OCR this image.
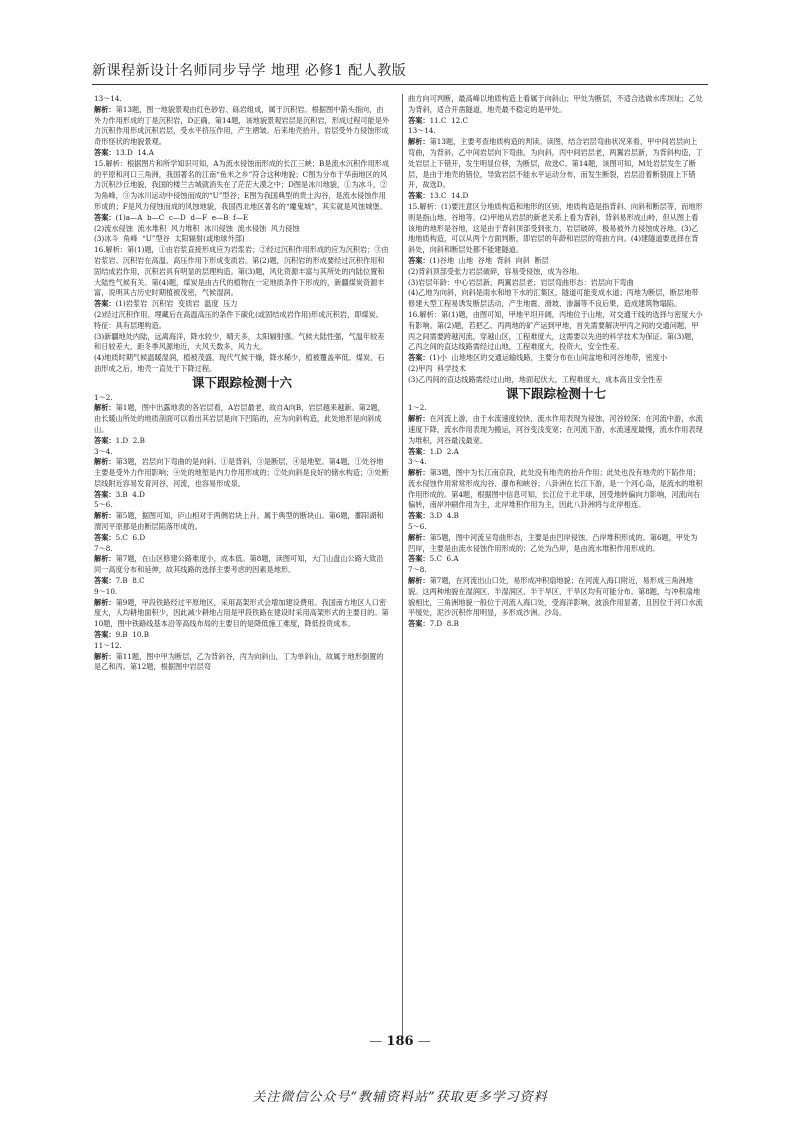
新课程新设计名师同步导学 地理 必修1 配人教版
13～14.
解析：第13题，图一地貌景观由红色砂岩、砾岩组成，属于沉积岩。根据图中箭头指向，由外力作用形成的丁是沉积岩，D正确。第14题，该地貌景观岩层是沉积岩，形成过程可能是外力沉积作用形成沉积岩层，受水平挤压作用，产生褶皱。后来地壳抬升，岩层受外力侵蚀形成奇形怪状的地貌景观。
答案：13.D  14.A
15.解析：根据图片和所学知识可知，A为流水侵蚀而形成的长江三峡；B是流水沉积作用形成的平原和河口三角洲，我国著名的江南“鱼米之乡”符合这种地貌；C图为分布于华南地区的风力沉积沙丘地貌，我国的楼兰古城就消失在了茫茫大漠之中；D图是冰川地貌，①为冰斗，②为角峰，③为冰川运动中侵蚀而成的“U”型谷；E图为我国典型的贵土沟谷，是流水侵蚀作用形成的；F是风力侵蚀而成的风蚀地貌，我国西北地区著名的“魔鬼城”，其实就是风蚀城堡。
答案：(1)a—A  b—C  c—D  d—F  e—B  f—E
(2)流水侵蚀  流水堆积  风力堆积  冰川侵蚀  流水侵蚀  风力侵蚀
(3)冰斗  角峰  “U”型谷  太阳辐射(或地球外部)
16.解析：第(1)题，①由岩浆直接形成应为岩浆岩；②经过沉积作用形成的应为沉积岩；③由岩浆岩、沉积岩在高温、高压作用下形成变质岩。第(2)题，沉积岩的形成要经过沉积作用和固结成岩作用，沉积岩具有明显的层理构造。第(3)题，风化资源丰富与其所处的内陆位置和大陆性气候有关。第(4)题，煤炭是由古代的植物在一定地质条件下形成的，新疆煤炭资源丰富，说明其古历史时期植被茂密，气候湿润。
答案：(1)岩浆岩  沉积岩  变质岩  温度  压力
(2)经过沉积作用、埋藏后在高温高压的条件下碳化(或固结成岩作用)形成沉积岩，即煤炭。特征：具有层理构造。
(3)新疆地处内陆，远离海洋，降水较少，晴天多，太阳辐射强。气候大陆性强，气温年较差和日较差大，距冬季风源地近，大风天数多，风力大。
(4)地质时期气候温暖湿润，植被茂盛，现代气候干燥，降水稀少，植被覆盖率低。煤炭、石油形成之后，地壳一直处于下降过程。
课下跟踪检测十六
1～2.
解析：第1题，图中出露地表的各岩层看，A岩层最老，故自A向B，岩层越来越新。第2题，由长暖山所处的地质剖面可以看出其岩层是向下凹陷的，应为向斜构造，此处地形是向斜成山。
答案：1.D  2.B
3～4.
解析：第3题，岩层向下弯曲的是向斜。①是背斜，③是断层，④是地堑。第4题，①处谷地主要是受外力作用影响；④处的地堑是内力作用形成的；②处向斜是良好的储水构造；③处断层线附近容易发育河谷，河流，也容易形成泉。
答案：3.B  4.D
5～6.
解析：第5题，据图可知，庐山相对于两侧岩块上升，属于典型的断块山。第6题，鄱阳湖和渭河平原都是由断层陷落形成的。
答案：5.C  6.D
7～8.
解析：第7题，在山区修建公路难度小，成本低。第8题，读图可知，大门山盘山公路大致沿同一高度分布和延伸，故其线路的选择主要考虑的因素是地形。
答案：7.B  8.C
9～10.
解析：第9题，甲段铁路经过平原地区，采用高架形式会增加建设费用。我国南方地区人口密度大，人均耕地面积少，因此减少耕地占用是甲段铁路在建设时采用高架形式的主要目的。第10题，图中铁路线基本沿等高线布局的主要目的是降低施工难度，降低投资成本。
答案：9.B  10.B
11～12.
解析：第11题，图中甲为断层，乙为背斜谷，丙为向斜山，丁为单斜山，故属于地形倒置的是乙和丙。第12题，根据图中岩层弯
曲方向可判断，最高峰以地质构造上看属于向斜山；甲处为断层，不适合选做水库坝址；乙处为背斜，适合开凿隧道，地壳最不稳定的是甲处。
答案：11.C  12.C
13～14.
解析：第13题，主要考查地质构造的判读。读图，结合岩层弯曲状况来看，甲中间岩层向上弯曲，为背斜，乙中间岩层向下弯曲，为向斜，丙中间岩层老，两翼岩层新，为背斜构造，丁处岩层上下错开，发生明显位移，为断层，故选C。第14题，该图可知，M处岩层发生了断层，是由于地壳的错位，导致岩层不能水平运动分布，而发生断裂，岩层沿着断裂面上下错开，故选D。
答案：13.C  14.D
15.解析：(1)要注意区分地质构造和地形的区别，地质构造是指背斜、向斜和断层等，而地形则是指山地、谷地等。(2)甲地从岩层的新老关系上看为背斜，背斜易形成山岭，但从图上看该地的地形是谷地，这是由于背斜顶部受到张力，岩层破碎，极易被外力侵蚀成谷地。(3)乙地地质构造，可以从两个方面判断，即岩层的年龄和岩层的弯曲方向。(4)建隧道要选择在背斜处，向斜和断层处都不能建隧道。
答案：(1)谷地  山地  谷地  背斜  向斜  断层
(2)背斜顶部受张力岩层破碎，容易受侵蚀，成为谷地。
(3)岩层年龄：中心岩层新，两翼岩层老；岩层弯曲形态：岩层向下弯曲
(4)乙地为向斜，向斜是雨水和地下水的汇集区，隧道可能变成水道；丙地为断层，断层地带修建大型工程易诱发断层活动，产生地震、滑坡、渗漏等不良后果，造成建筑物塌陷。
16.解析：第(1)题，由图可知，甲地平坦开阔，丙地位于山地，对交通干线的选择与密度大小有影响。第(2)题，若把乙、丙两地的矿产运到甲地，首先需要解决甲丙之间的交通问题，甲丙之间需要跨越河流，穿越山区，工程难度大，这需要以先进的科学技术为保证。第(3)题，乙丙之间的直达线路需经过山地，工程难度大，投资大，安全性差。
答案：(1)小  山地地区的交通运输线路，主要分布在山间盆地和河谷地带，密度小
(2)甲丙  科学技术
(3)乙丙间的直达线路需经过山地，地面起伏大，工程难度大，成本高且安全性差
课下跟踪检测十七
1～2.
解析：在河流上游，由于水流速度较快，流水作用表现为侵蚀，河谷较深；在河流中游，水流速度下降，流水作用表现为搬运，河谷变浅变宽；在河流下游，水流速度最慢，流水作用表现为堆积，河谷最浅最宽。
答案：1.D  2.A
3～4.
解析：第3题，图中为长江南京段，此处没有地壳的抬升作用；此处也没有地壳的下陷作用；流水侵蚀作用常常形成沟谷、瀑布和峡谷；八卦洲在长江下游，是一个河心岛，是流水的堆积作用形成的。第4题，根据图中信息可知，长江位于北半球，因受地转偏向力影响，河流向右偏转，南岸冲刷作用为主，北岸堆积作用为主，因此八卦洲将与北岸相连。
答案：3.D  4.B
5～6.
解析：第5题，图中河流呈弯曲形态，主要是由凹岸侵蚀、凸岸堆积形成的。第6题，甲处为凹岸，主要是由流水侵蚀作用形成的；乙处为凸岸，是由流水堆积作用形成的。
答案：5.C  6.A
7～8.
解析：第7题，在河流出山口处，易形成冲积扇地貌；在河流入海口附近，易形成三角洲地貌。这两种地貌在湿润区、半湿润区、半干旱区、干旱区均有可能分布。第8题，与冲积扇地貌相比，三角洲地貌一般位于河流入海口处，受海洋影响，波浪作用显著，且因位于河口水流平缓处，泥沙沉积作用明显，多形成沙洲、沙岛。
答案：7.D  8.B
— 186 —
关注微信公众号“教辅资料站”获取更多学习资料
